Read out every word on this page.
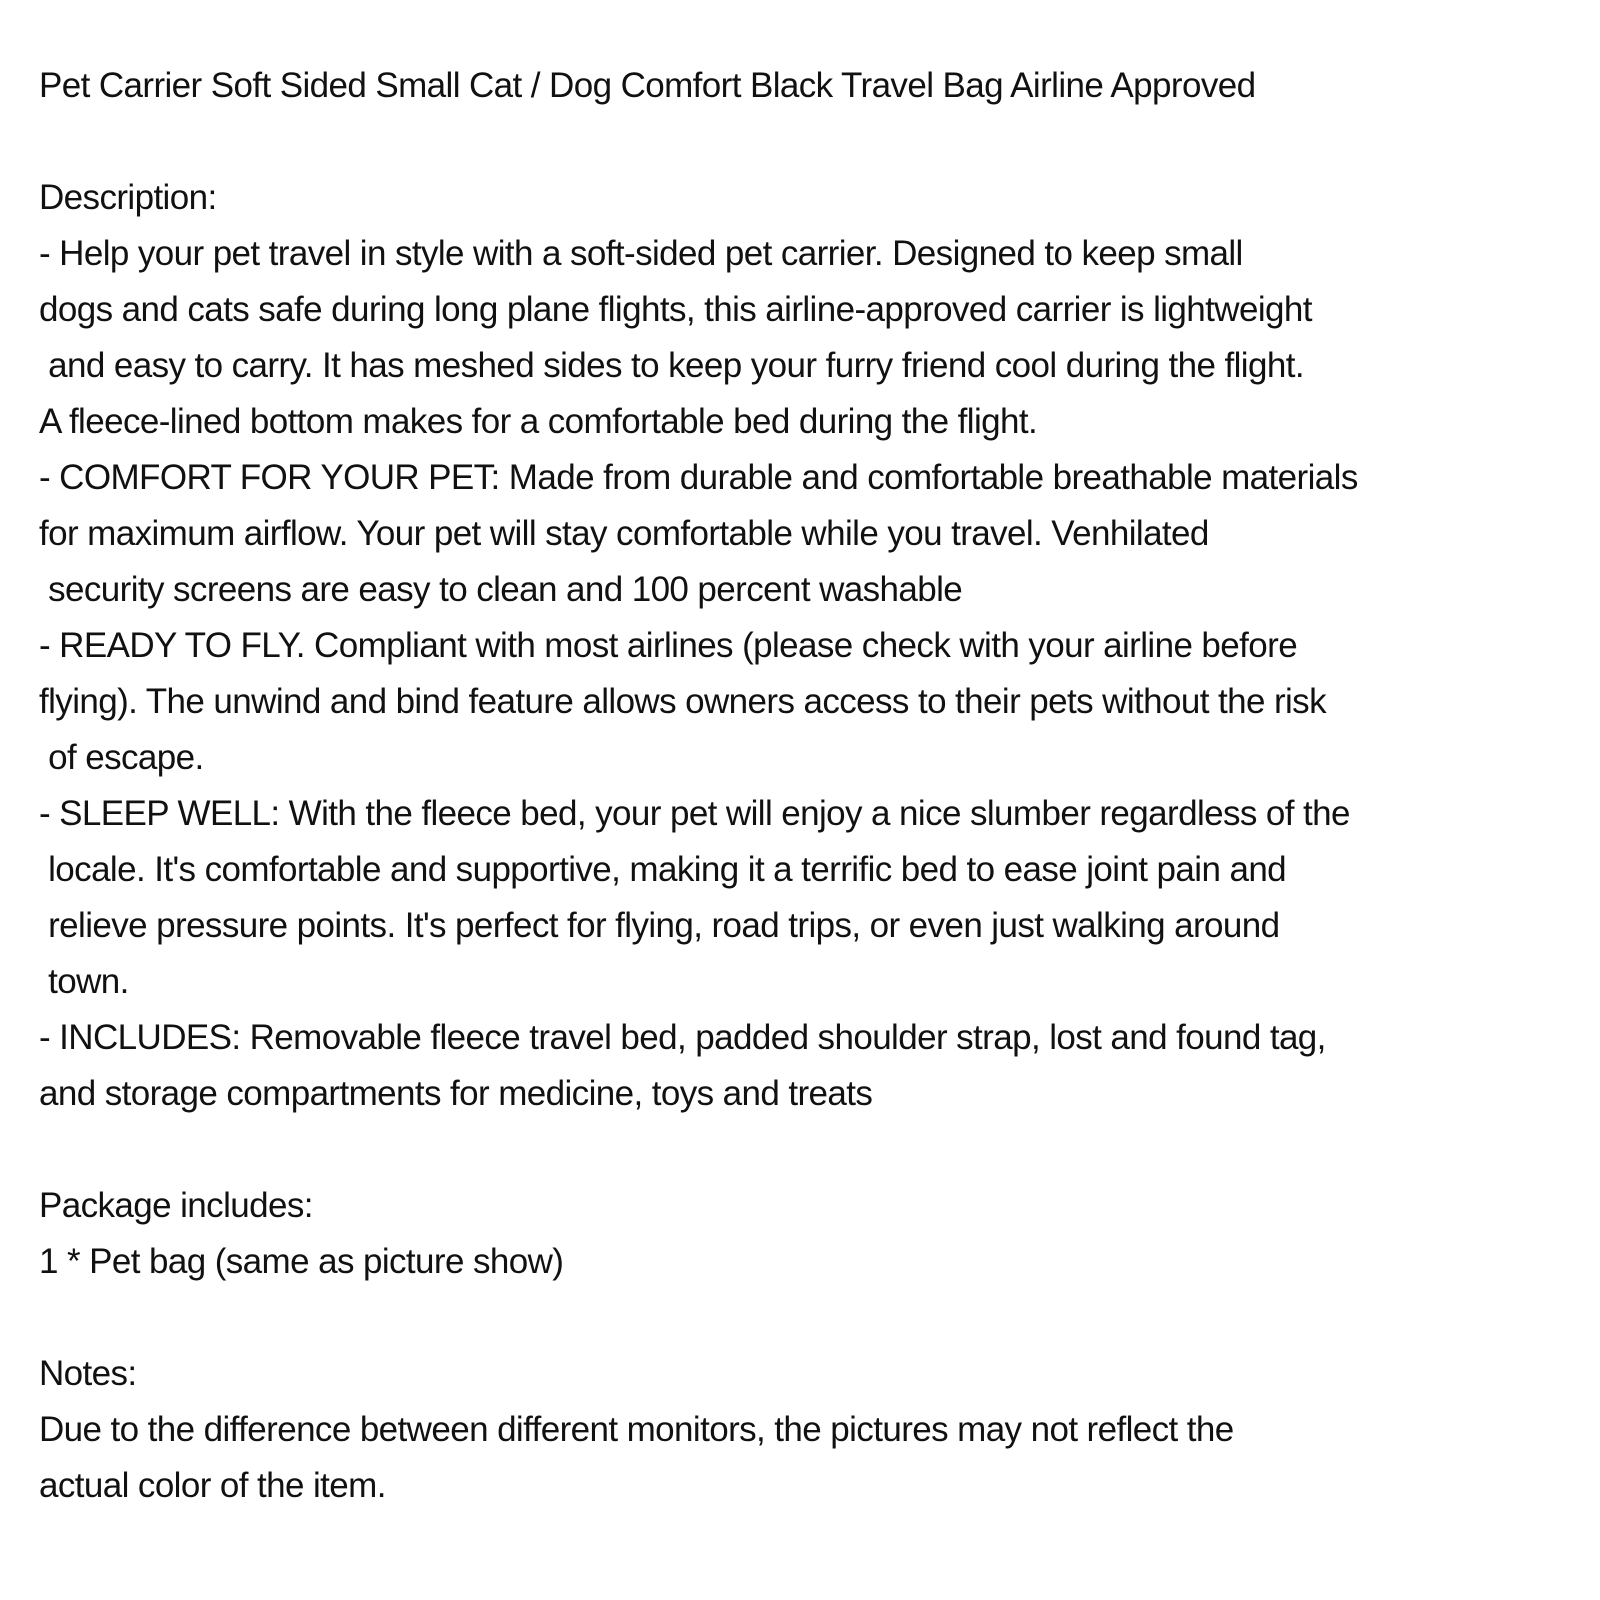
Pet Carrier Soft Sided Small Cat / Dog Comfort Black Travel Bag Airline Approved
Description:
- Help your pet travel in style with a soft-sided pet carrier. Designed to keep small
dogs and cats safe during long plane flights, this airline-approved carrier is lightweight
and easy to carry. It has meshed sides to keep your furry friend cool during the flight.
A fleece-lined bottom makes for a comfortable bed during the flight.
- COMFORT FOR YOUR PET: Made from durable and comfortable breathable materials
for maximum airflow. Your pet will stay comfortable while you travel. Venhilated
security screens are easy to clean and 100 percent washable
- READY TO FLY. Compliant with most airlines (please check with your airline before
flying). The unwind and bind feature allows owners access to their pets without the risk
of escape.
- SLEEP WELL: With the fleece bed, your pet will enjoy a nice slumber regardless of the
locale. It's comfortable and supportive, making it a terrific bed to ease joint pain and
relieve pressure points. It's perfect for flying, road trips, or even just walking around
town.
- INCLUDES: Removable fleece travel bed, padded shoulder strap, lost and found tag,
and storage compartments for medicine, toys and treats
Package includes:
1 * Pet bag (same as picture show)
Notes:
Due to the difference between different monitors, the pictures may not reflect the
actual color of the item.
